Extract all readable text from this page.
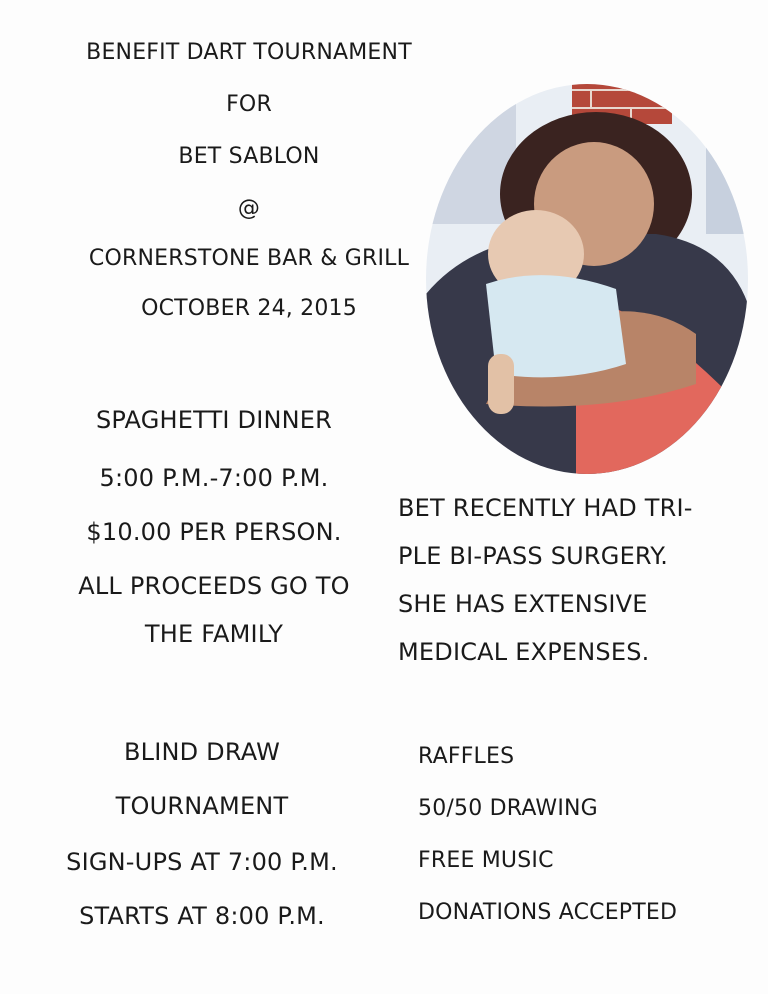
BENEFIT DART TOURNAMENT
FOR
BET SABLON
@
CORNERSTONE BAR & GRILL
OCTOBER 24, 2015
SPAGHETTI DINNER
5:00 P.M.-7:00 P.M.
$10.00 PER PERSON.
ALL PROCEEDS GO TO
THE FAMILY
BET RECENTLY HAD TRI-
PLE BI-PASS SURGERY.
SHE HAS EXTENSIVE
MEDICAL EXPENSES.
BLIND DRAW
TOURNAMENT
SIGN-UPS AT 7:00 P.M.
STARTS AT 8:00 P.M.
RAFFLES
50/50 DRAWING
FREE MUSIC
DONATIONS ACCEPTED
